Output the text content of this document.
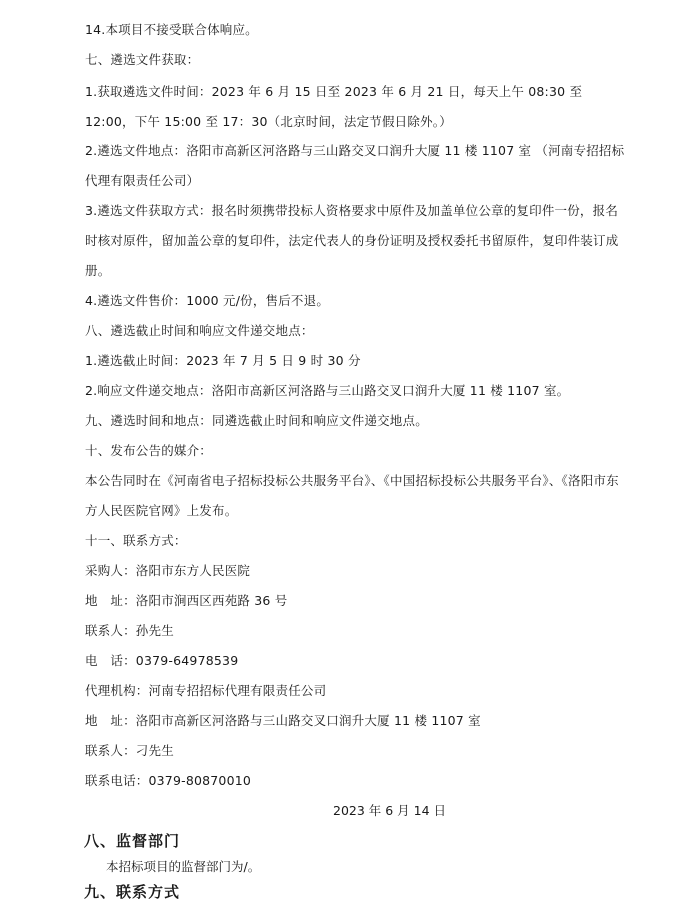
14.本项目不接受联合体响应。
七、遴选文件获取：
1.获取遴选文件时间：2023 年 6 月 15 日至 2023 年 6 月 21 日，每天上午 08:30 至 12:00，下午 15:00 至 17：30（北京时间，法定节假日除外。）
2.遴选文件地点：洛阳市高新区河洛路与三山路交叉口润升大厦 11 楼 1107 室 （河南专招招标代理有限责任公司）
3.遴选文件获取方式：报名时须携带投标人资格要求中原件及加盖单位公章的复印件一份，报名时核对原件，留加盖公章的复印件，法定代表人的身份证明及授权委托书留原件，复印件装订成册。
4.遴选文件售价：1000 元/份，售后不退。
八、遴选截止时间和响应文件递交地点：
1.遴选截止时间：2023 年 7 月 5 日 9 时 30 分
2.响应文件递交地点：洛阳市高新区河洛路与三山路交叉口润升大厦 11 楼 1107 室。
九、遴选时间和地点：同遴选截止时间和响应文件递交地点。
十、发布公告的媒介：
本公告同时在《河南省电子招标投标公共服务平台》、《中国招标投标公共服务平台》、《洛阳市东方人民医院官网》上发布。
十一、联系方式：
采购人：洛阳市东方人民医院
地　址：洛阳市涧西区西苑路 36 号
联系人：孙先生
电　话：0379-64978539
代理机构：河南专招招标代理有限责任公司
地　址：洛阳市高新区河洛路与三山路交叉口润升大厦 11 楼 1107 室
联系人：刁先生
联系电话：0379-80870010
2023 年 6 月 14 日
八、监督部门
本招标项目的监督部门为/。
九、联系方式
